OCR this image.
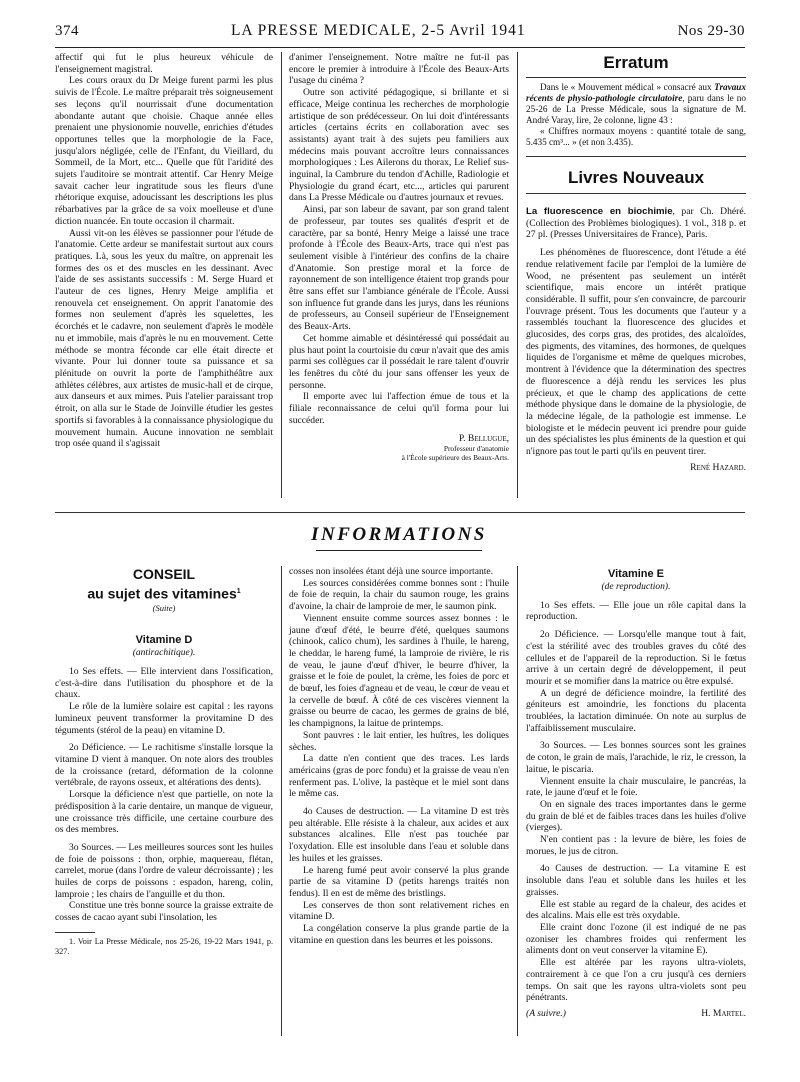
374	LA PRESSE MEDICALE, 2-5 Avril 1941	Nos 29-30

affectif qui fut le plus heureux véhicule de l'enseignement magistral.

Les cours oraux du Dr Meige furent parmi les plus suivis de l'École. Le maître préparait très soigneusement ses leçons qu'il nourrissait d'une documentation abondante autant que choisie. Chaque année elles prenaient une physionomie nouvelle, enrichies d'études opportunes telles que la morphologie de la Face, jusqu'alors négligée, celle de l'Enfant, du Vieillard, du Sommeil, de la Mort, etc... Quelle que fût l'aridité des sujets l'auditoire se montrait attentif. Car Henry Meige savait cacher leur ingratitude sous les fleurs d'une rhétorique exquise, adoucissant les descriptions les plus rébarbatives par la grâce de sa voix moelleuse et d'une diction nuancée. En toute occasion il charmait.

Aussi vit-on les élèves se passionner pour l'étude de l'anatomie. Cette ardeur se manifestait surtout aux cours pratiques. Là, sous les yeux du maître, on apprenait les formes des os et des muscles en les dessinant. Avec l'aide de ses assistants successifs : M. Serge Huard et l'auteur de ces lignes, Henry Meige amplifia et renouvela cet enseignement. On apprit l'anatomie des formes non seulement d'après les squelettes, les écorchés et le cadavre, non seulement d'après le modèle nu et immobile, mais d'après le nu en mouvement. Cette méthode se montra féconde car elle était directe et vivante. Pour lui donner toute sa puissance et sa plénitude on ouvrit la porte de l'amphithéâtre aux athlètes célèbres, aux artistes de music-hall et de cirque, aux danseurs et aux mimes. Puis l'atelier paraissant trop étroit, on alla sur le Stade de Joinville étudier les gestes sportifs si favorables à la connaissance physiologique du mouvement humain. Aucune innovation ne semblait trop osée quand il s'agissait

d'animer l'enseignement. Notre maître ne fut-il pas encore le premier à introduire à l'École des Beaux-Arts l'usage du cinéma ?

Outre son activité pédagogique, si brillante et si efficace, Meige continua les recherches de morphologie artistique de son prédécesseur. On lui doit d'intéressants articles (certains écrits en collaboration avec ses assistants) ayant trait à des sujets peu familiers aux médecins mais pouvant accroître leurs connaissances morphologiques : Les Ailerons du thorax, Le Relief sus-inguinal, la Cambrure du tendon d'Achille, Radiologie et Physiologie du grand écart, etc..., articles qui parurent dans La Presse Médicale ou d'autres journaux et revues.

Ainsi, par son labeur de savant, par son grand talent de professeur, par toutes ses qualités d'esprit et de caractère, par sa bonté, Henry Meige a laissé une trace profonde à l'École des Beaux-Arts, trace qui n'est pas seulement visible à l'intérieur des confins de la chaire d'Anatomie. Son prestige moral et la force de rayonnement de son intelligence étaient trop grands pour être sans effet sur l'ambiance générale de l'École. Aussi son influence fut grande dans les jurys, dans les réunions de professeurs, au Conseil supérieur de l'Enseignement des Beaux-Arts.

Cet homme aimable et désintéressé qui possédait au plus haut point la courtoisie du cœur n'avait que des amis parmi ses collègues car il possédait le rare talent d'ouvrir les fenêtres du côté du jour sans offenser les yeux de personne.

Il emporte avec lui l'affection émue de tous et la filiale reconnaissance de celui qu'il forma pour lui succéder.

P. Bellugue,

Professeur d'anatomie

à l'École supérieure des Beaux-Arts.

Erratum

Dans le « Mouvement médical » consacré aux Travaux récents de physio-pathologie circulatoire, paru dans le no 25-26 de La Presse Médicale, sous la signature de M. André Varay, lire, 2e colonne, ligne 43 :

« Chiffres normaux moyens : quantité totale de sang, 5.435 cm³... » (et non 3.435).

Livres Nouveaux

La fluorescence en biochimie, par Ch. Dhéré. (Collection des Problèmes biologiques). 1 vol., 318 p. et 27 pl. (Presses Universitaires de France), Paris.

Les phénomènes de fluorescence, dont l'étude a été rendue relativement facile par l'emploi de la lumière de Wood, ne présentent pas seulement un intérêt scientifique, mais encore un intérêt pratique considérable. Il suffit, pour s'en convaincre, de parcourir l'ouvrage présent. Tous les documents que l'auteur y a rassemblés touchant la fluorescence des glucides et glucosides, des corps gras, des protides, des alcaloïdes, des pigments, des vitamines, des hormones, de quelques liquides de l'organisme et même de quelques microbes, montrent à l'évidence que la détermination des spectres de fluorescence a déjà rendu les services les plus précieux, et que le champ des applications de cette méthode physique dans le domaine de la physiologie, de la médecine légale, de la pathologie est immense. Le biologiste et le médecin peuvent ici prendre pour guide un des spécialistes les plus éminents de la question et qui n'ignore pas tout le parti qu'ils en peuvent tirer.

René Hazard.

INFORMATIONS
CONSEIL
au sujet des vitamines$^1$
(Suite)
Vitamine D
(antirachitique).

1o Ses effets. — Elle intervient dans l'ossification, c'est-à-dire dans l'utilisation du phosphore et de la chaux.

Le rôle de la lumière solaire est capital : les rayons lumineux peuvent transformer la provitamine D des téguments (stérol de la peau) en vitamine D.

2o Déficience. — Le rachitisme s'installe lorsque la vitamine D vient à manquer. On note alors des troubles de la croissance (retard, déformation de la colonne vertébrale, de rayons osseux, et altérations des dents).

Lorsque la déficience n'est que partielle, on note la prédisposition à la carie dentaire, un manque de vigueur, une croissance très difficile, une certaine courbure des os des membres.

3o Sources. — Les meilleures sources sont les huiles de foie de poissons : thon, orphie, maquereau, flétan, carrelet, morue (dans l'ordre de valeur décroissante) ; les huiles de corps de poissons : espadon, hareng, colin, lamproie ; les chairs de l'anguille et du thon.

Constitue une très bonne source la graisse extraite de cosses de cacao ayant subi l'insolation, les

1. Voir La Presse Médicale, nos 25-26, 19-22 Mars 1941, p. 327.

cosses non insolées étant déjà une source importante.

Les sources considérées comme bonnes sont : l'huile de foie de requin, la chair du saumon rouge, les grains d'avoine, la chair de lamproie de mer, le saumon pink.

Viennent ensuite comme sources assez bonnes : le jaune d'œuf d'été, le beurre d'été, quelques saumons (chinook, calico chum), les sardines à l'huile, le hareng, le cheddar, le hareng fumé, la lamproie de rivière, le ris de veau, le jaune d'œuf d'hiver, le beurre d'hiver, la graisse et le foie de poulet, la crème, les foies de porc et de bœuf, les foies d'agneau et de veau, le cœur de veau et la cervelle de bœuf. À côté de ces viscères viennent la graisse ou beurre de cacao, les germes de grains de blé, les champignons, la laitue de printemps.

Sont pauvres : le lait entier, les huîtres, les doliques sèches.

La datte n'en contient que des traces. Les lards américains (gras de porc fondu) et la graisse de veau n'en renferment pas. L'olive, la pastèque et le miel sont dans le même cas.

4o Causes de destruction. — La vitamine D est très peu altérable. Elle résiste à la chaleur, aux acides et aux substances alcalines. Elle n'est pas touchée par l'oxydation. Elle est insoluble dans l'eau et soluble dans les huiles et les graisses.

Le hareng fumé peut avoir conservé la plus grande partie de sa vitamine D (petits harengs traités non fendus). Il en est de même des bristlings.

Les conserves de thon sont relativement riches en vitamine D.

La congélation conserve la plus grande partie de la vitamine en question dans les beurres et les poissons.

Vitamine E
(de reproduction).

1o Ses effets. — Elle joue un rôle capital dans la reproduction.

2o Déficience. — Lorsqu'elle manque tout à fait, c'est la stérilité avec des troubles graves du côté des cellules et de l'appareil de la reproduction. Si le fœtus arrive à un certain degré de développement, il peut mourir et se momifier dans la matrice ou être expulsé.

A un degré de déficience moindre, la fertilité des géniteurs est amoindrie, les fonctions du placenta troublées, la lactation diminuée. On note au surplus de l'affaiblissement musculaire.

3o Sources. — Les bonnes sources sont les graines de coton, le grain de maïs, l'arachide, le riz, le cresson, la laitue, le piscaria.

Viennent ensuite la chair musculaire, le pancréas, la rate, le jaune d'œuf et le foie.

On en signale des traces importantes dans le germe du grain de blé et de faibles traces dans les huiles d'olive (vierges).

N'en contient pas : la levure de bière, les foies de morues, le jus de citron.

4o Causes de destruction. — La vitamine E est insoluble dans l'eau et soluble dans les huiles et les graisses.

Elle est stable au regard de la chaleur, des acides et des alcalins. Mais elle est très oxydable.

Elle craint donc l'ozone (il est indiqué de ne pas ozoniser les chambres froides qui renferment les aliments dont on veut conserver la vitamine E).

Elle est altérée par les rayons ultra-violets, contrairement à ce que l'on a cru jusqu'à ces derniers temps. On sait que les rayons ultra-violets sont peu pénétrants.

(A suivre.)	H. Martel.
